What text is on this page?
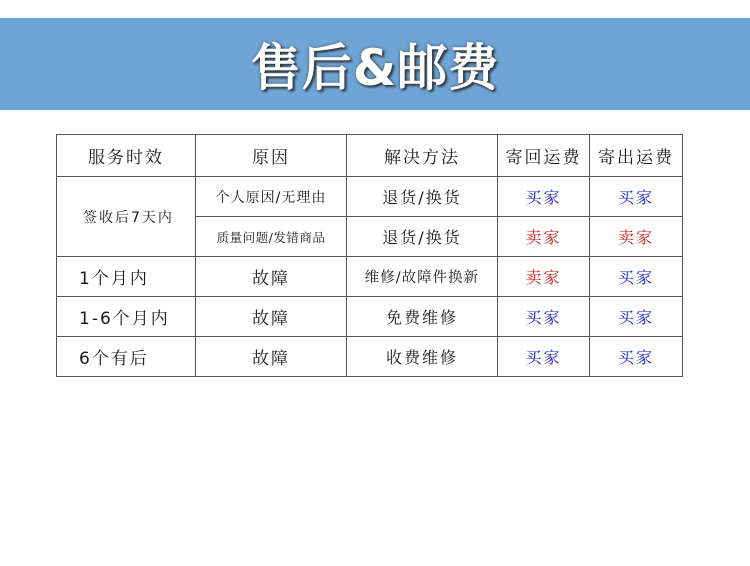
售后&邮费
服务时效	原因	解决方法	寄回运费	寄出运费
签收后7天内	个人原因/无理由	退货/换货	买家	买家
	质量问题/发错商品	退货/换货	卖家	卖家
1个月内	故障	维修/故障件换新	卖家	买家
1-6个月内	故障	免费维修	买家	买家
6个有后	故障	收费维修	买家	买家
